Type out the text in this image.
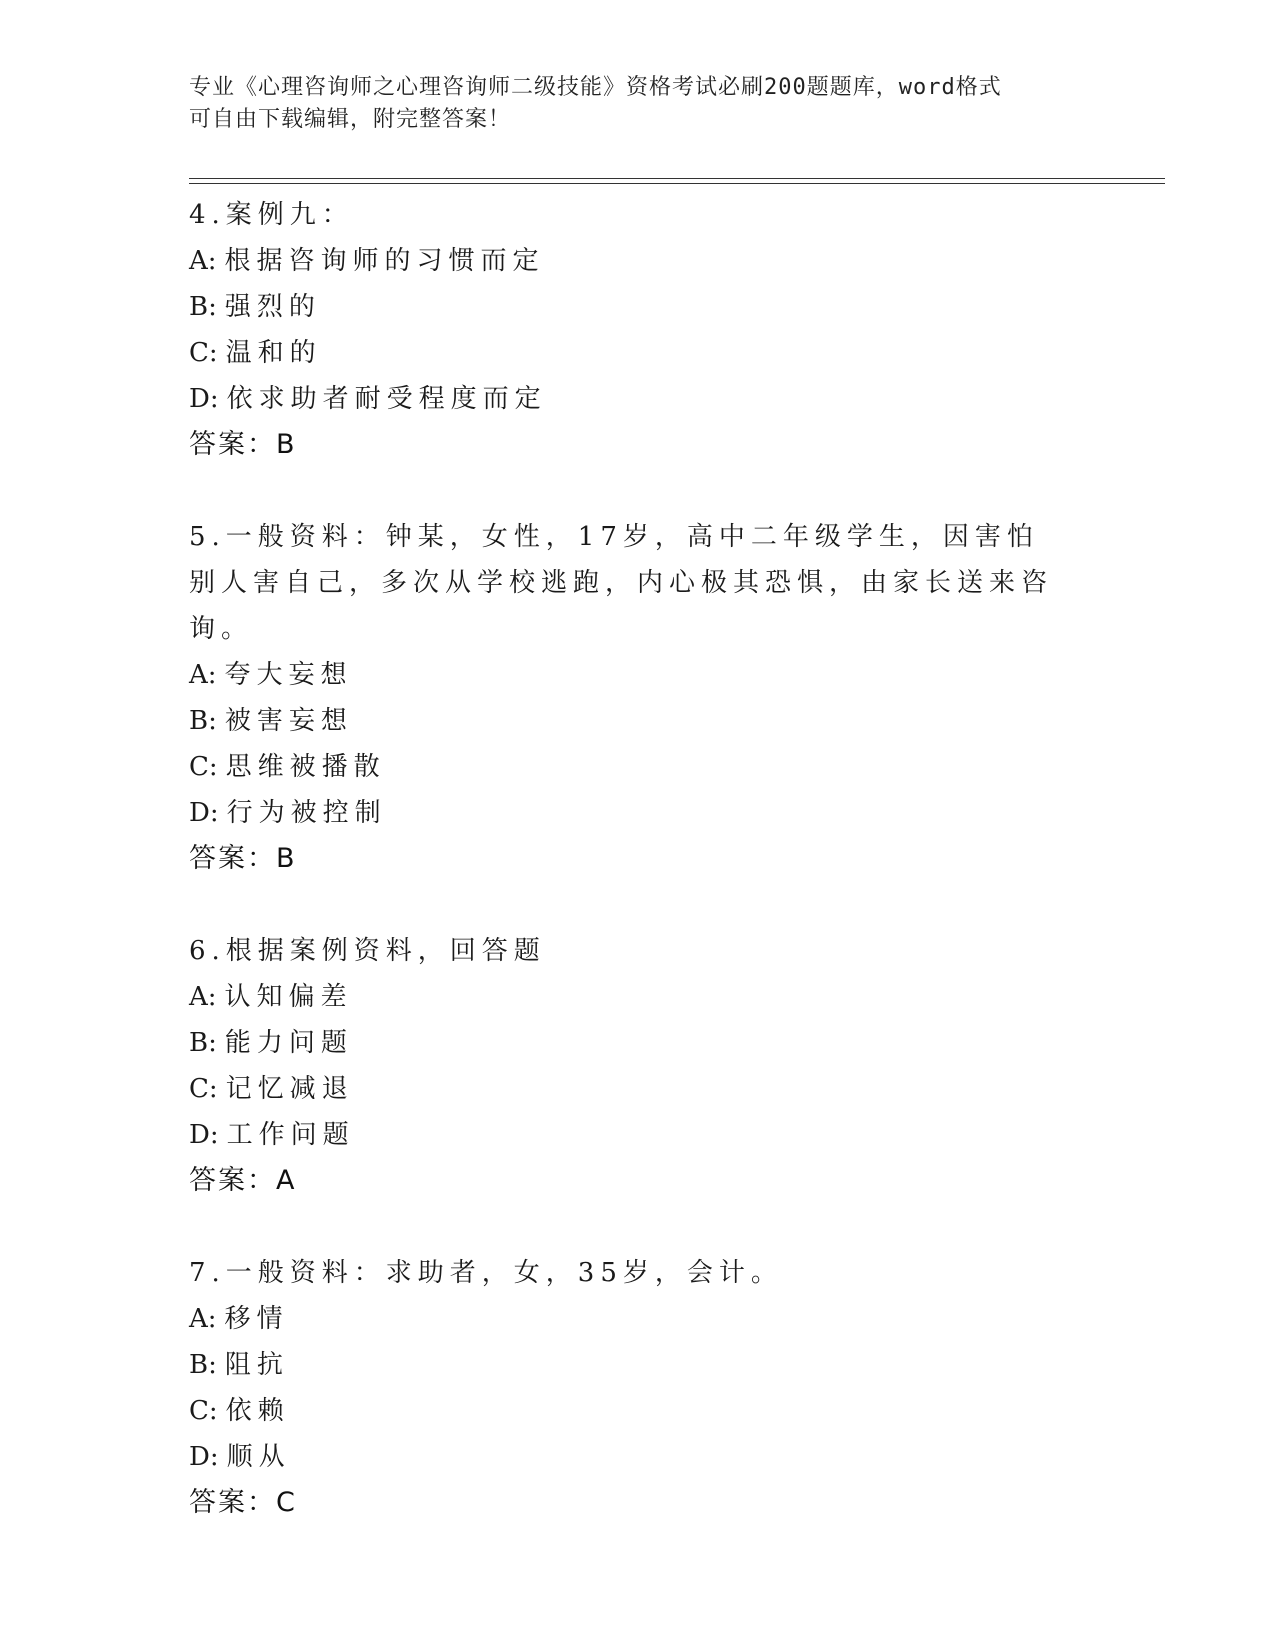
专业《心理咨询师之心理咨询师二级技能》资格考试必刷200题题库，word格式
可自由下载编辑，附完整答案！
4.案例九：
A: 根据咨询师的习惯而定
B: 强烈的
C: 温和的
D: 依求助者耐受程度而定
答案：B
5.一般资料：钟某，女性，17岁，高中二年级学生，因害怕别人害自己，多次从学校逃跑，内心极其恐惧，由家长送来咨询。
A: 夸大妄想
B: 被害妄想
C: 思维被播散
D: 行为被控制
答案：B
6.根据案例资料，回答题
A: 认知偏差
B: 能力问题
C: 记忆减退
D: 工作问题
答案：A
7.一般资料：求助者，女，35岁，会计。
A: 移情
B: 阻抗
C: 依赖
D: 顺从
答案：C
